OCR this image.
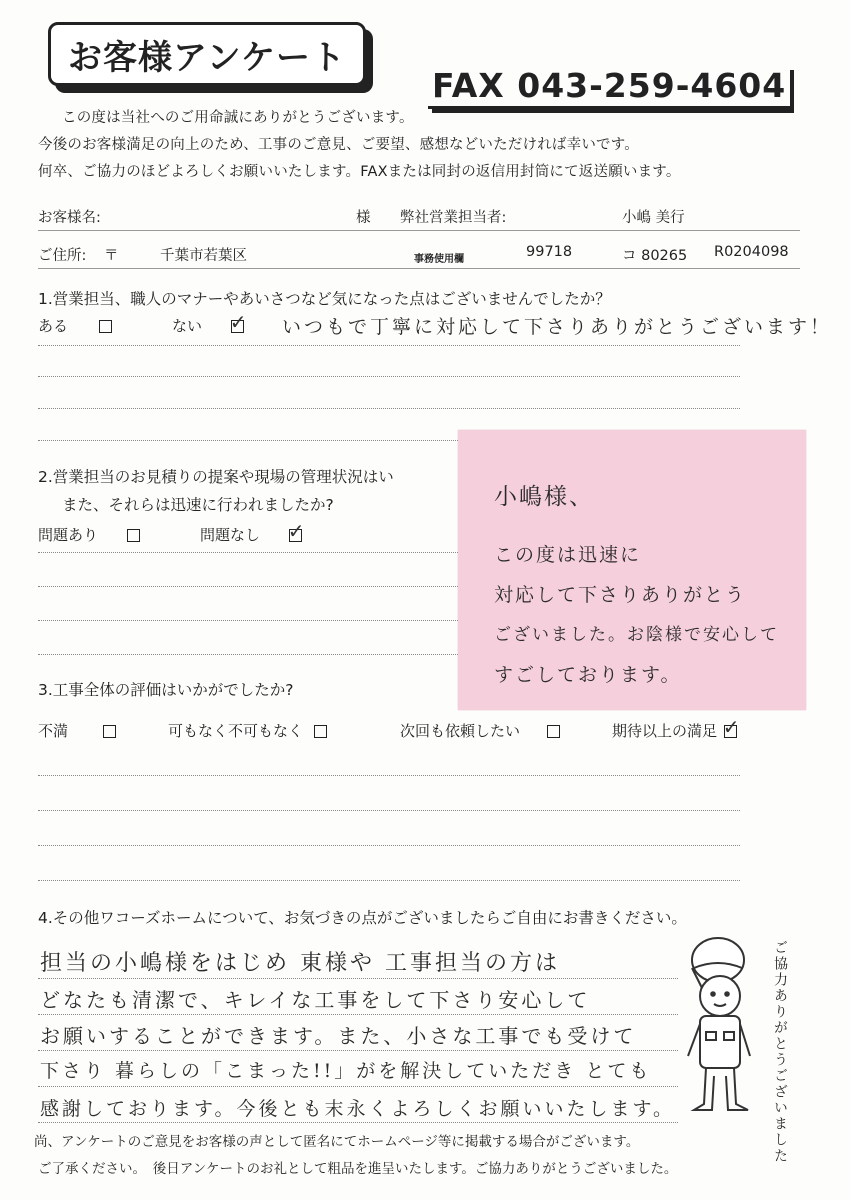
お客様アンケート
FAX 043-259-4604
この度は当社へのご用命誠にありがとうございます。
今後のお客様満足の向上のため、工事のご意見、ご要望、感想などいただければ幸いです。
何卒、ご協力のほどよろしくお願いいたします。FAXまたは同封の返信用封筒にて返送願います。
お客様名:	様 弊社営業担当者:	小嶋 美行
ご住所: 〒	千葉市若葉区	事務使用欄	99718	コ 80265 R0204098
1.営業担当、職人のマナーやあいさつなど気になった点はございませんでしたか？
ある	ない ✓ いつもで丁寧に対応して下さりありがとうございます！
2.営業担当のお見積りの提案や現場の管理状況はい
また、それらは迅速に行われましたか?
問題あり	問題なし ✓
小嶋様、
この度は迅速に
対応して下さりありがとう
ございました。お陰様で安心して
すごしております。
3.工事全体の評価はいかがでしたか?
不満	可もなく不可もなく	次回も依頼したい	期待以上の満足 ✓
4.その他ワコーズホームについて、お気づきの点がございましたらご自由にお書きください。
担当の小嶋様をはじめ 東様や 工事担当の方は
どなたも清潔で、キレイな工事をして下さり安心して
お願いすることができます。また、小さな工事でも受けて
下さり 暮らしの「こまった!!」がを解決していただき とても
感謝しております。今後とも末永くよろしくお願いいたします。	ご協力ありがとうございました
尚、アンケートのご意見をお客様の声として匿名にてホームページ等に掲載する場合がございます。
ご了承ください。　後日アンケートのお礼として粗品を進呈いたします。ご協力ありがとうございました。
